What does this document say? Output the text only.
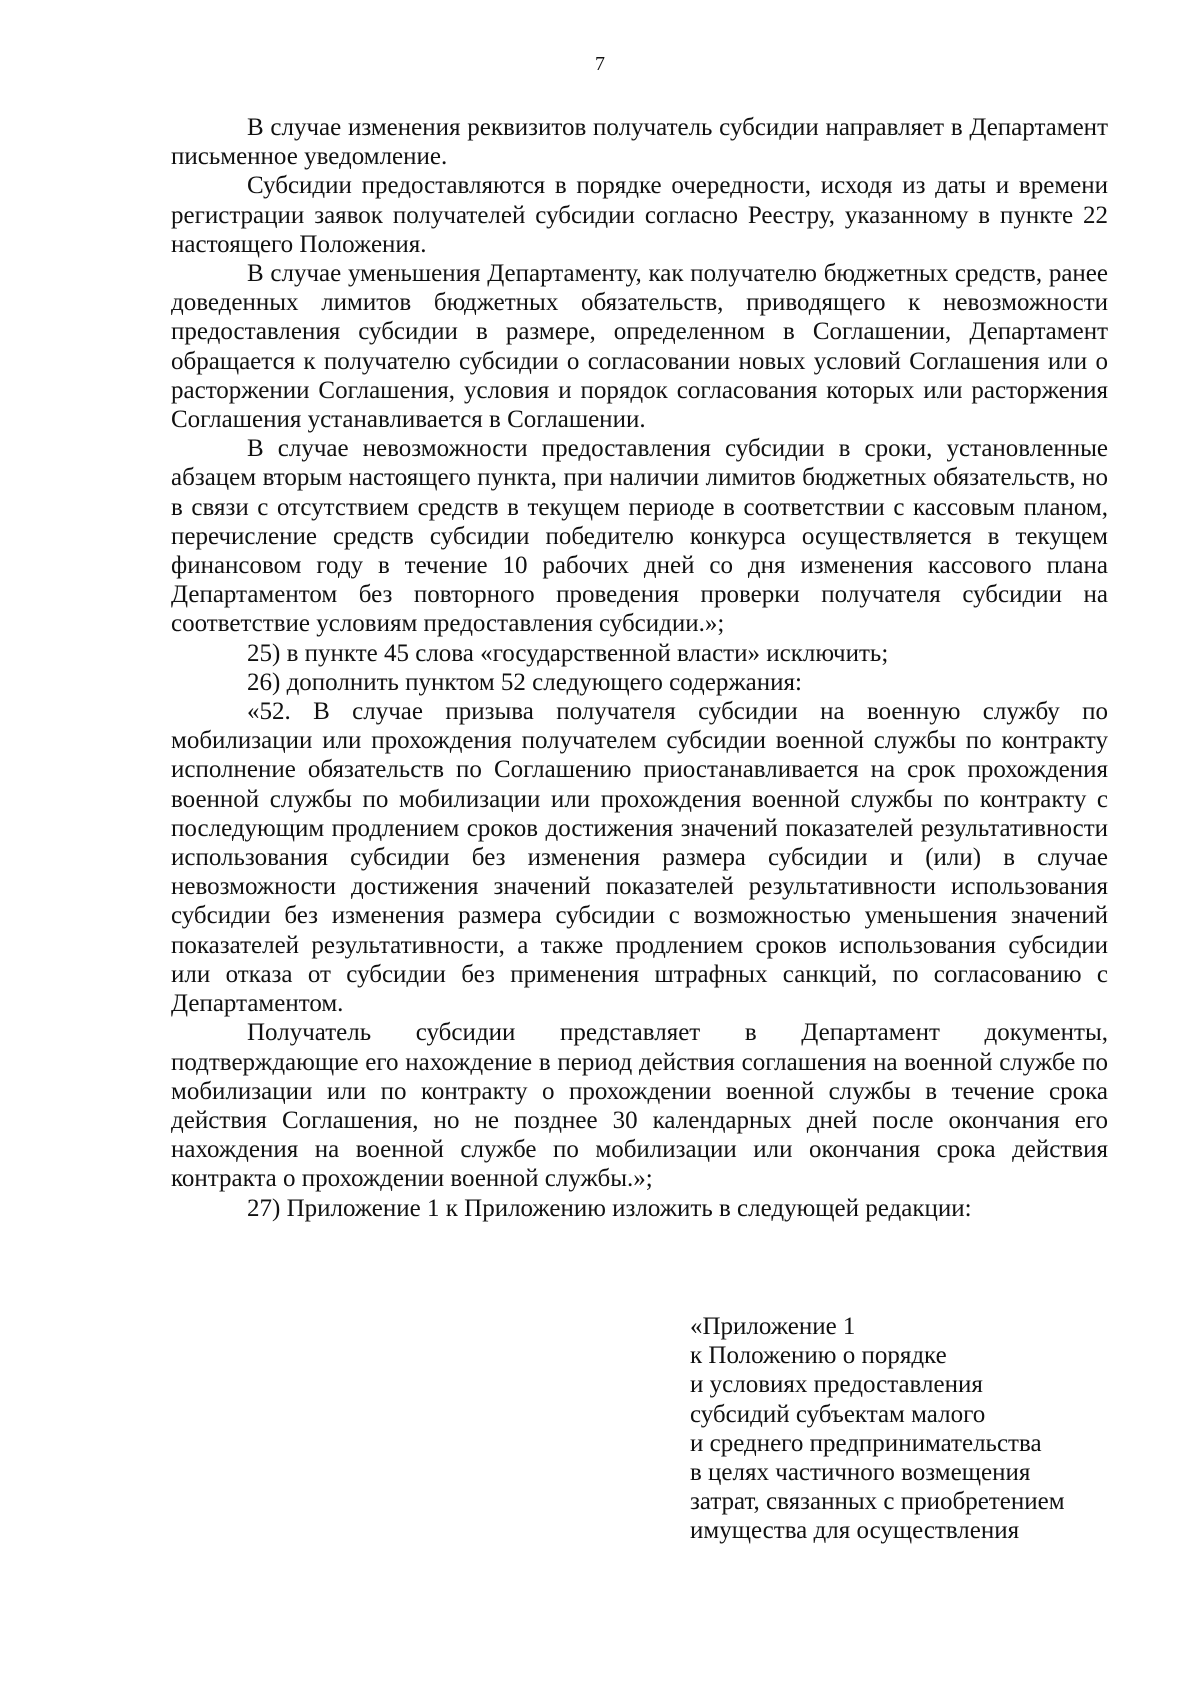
7

В случае изменения реквизитов получатель субсидии направляет в Департамент письменное уведомление.

Субсидии предоставляются в порядке очередности, исходя из даты и времени регистрации заявок получателей субсидии согласно Реестру, указанному в пункте 22 настоящего Положения.

В случае уменьшения Департаменту, как получателю бюджетных средств, ранее доведенных лимитов бюджетных обязательств, приводящего к невозможности предоставления субсидии в размере, определенном в Соглашении, Департамент обращается к получателю субсидии о согласовании новых условий Соглашения или о расторжении Соглашения, условия и порядок согласования которых или расторжения Соглашения устанавливается в Соглашении.

В случае невозможности предоставления субсидии в сроки, установленные абзацем вторым настоящего пункта, при наличии лимитов бюджетных обязательств, но в связи с отсутствием средств в текущем периоде в соответствии с кассовым планом, перечисление средств субсидии победителю конкурса осуществляется в текущем финансовом году в течение 10 рабочих дней со дня изменения кассового плана Департаментом без повторного проведения проверки получателя субсидии на соответствие условиям предоставления субсидии.»;

25) в пункте 45 слова «государственной власти» исключить;

26) дополнить пунктом 52 следующего содержания:

«52. В случае призыва получателя субсидии на военную службу по мобилизации или прохождения получателем субсидии военной службы по контракту исполнение обязательств по Соглашению приостанавливается на срок прохождения военной службы по мобилизации или прохождения военной службы по контракту с последующим продлением сроков достижения значений показателей результативности использования субсидии без изменения размера субсидии и (или) в случае невозможности достижения значений показателей результативности использования субсидии без изменения размера субсидии с возможностью уменьшения значений показателей результативности, а также продлением сроков использования субсидии или отказа от субсидии без применения штрафных санкций, по согласованию с Департаментом.

Получатель субсидии представляет в Департамент документы, подтверждающие его нахождение в период действия соглашения на военной службе по мобилизации или по контракту о прохождении военной службы в течение срока действия Соглашения, но не позднее 30 календарных дней после окончания его нахождения на военной службе по мобилизации или окончания срока действия контракта о прохождении военной службы.»;

27) Приложение 1 к Приложению изложить в следующей редакции:

«Приложение 1
к Положению о порядке
и условиях предоставления
субсидий субъектам малого
и среднего предпринимательства
в целях частичного возмещения
затрат, связанных с приобретением
имущества для осуществления
